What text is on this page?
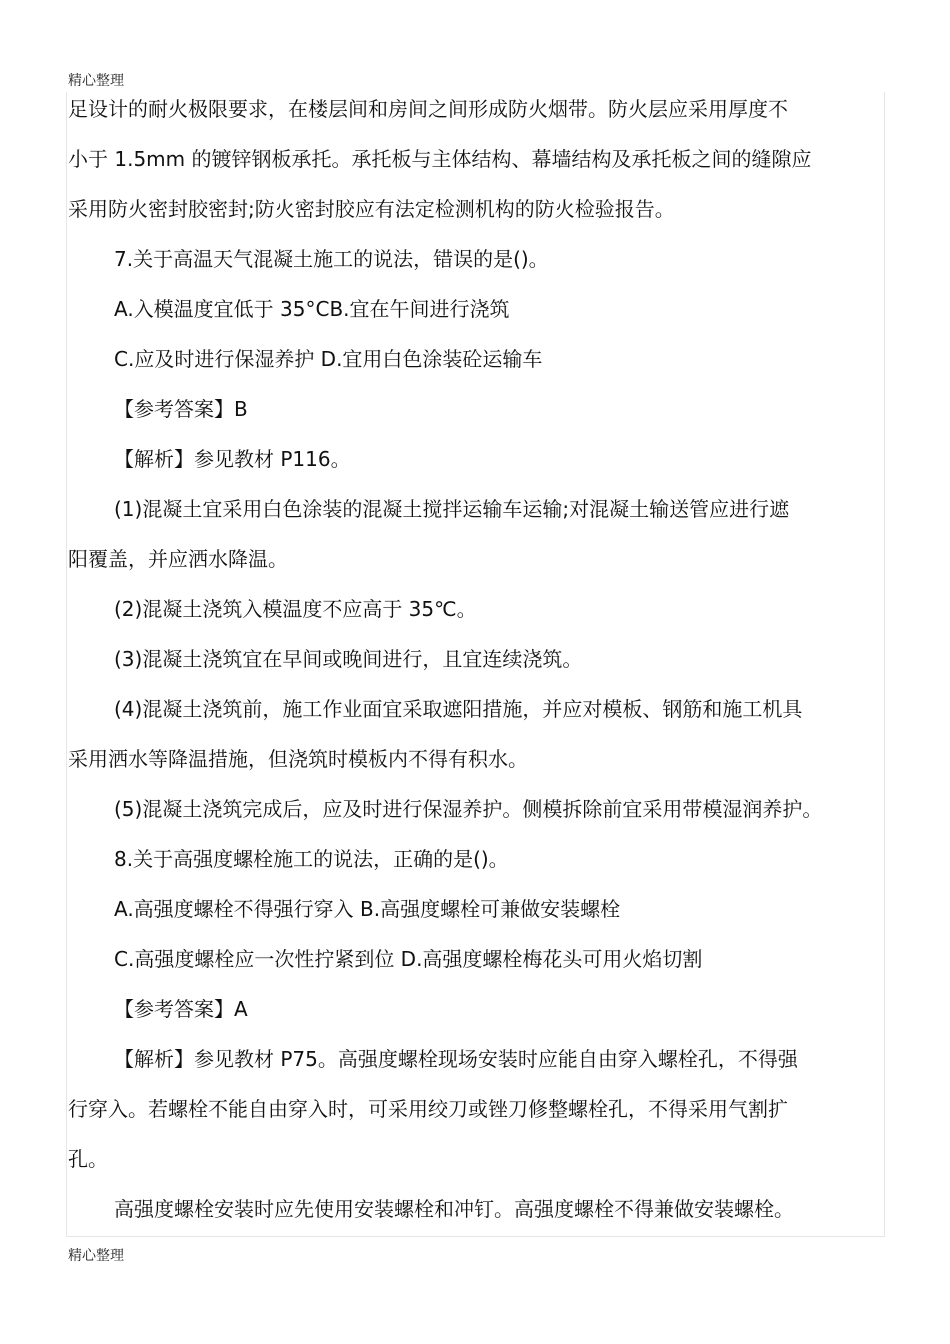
精心整理
足设计的耐火极限要求，在楼层间和房间之间形成防火烟带。防火层应采用厚度不
小于 1.5mm 的镀锌钢板承托。承托板与主体结构、幕墙结构及承托板之间的缝隙应
采用防火密封胶密封;防火密封胶应有法定检测机构的防火检验报告。
7.关于高温天气混凝土施工的说法，错误的是()。
A.入模温度宜低于 35°CB.宜在午间进行浇筑
C.应及时进行保湿养护 D.宜用白色涂装砼运输车
【参考答案】B
【解析】参见教材 P116。
(1)混凝土宜采用白色涂装的混凝土搅拌运输车运输;对混凝土输送管应进行遮
阳覆盖，并应洒水降温。
(2)混凝土浇筑入模温度不应高于 35℃。
(3)混凝土浇筑宜在早间或晚间进行，且宜连续浇筑。
(4)混凝土浇筑前，施工作业面宜采取遮阳措施，并应对模板、钢筋和施工机具
采用洒水等降温措施，但浇筑时模板内不得有积水。
(5)混凝土浇筑完成后，应及时进行保湿养护。侧模拆除前宜采用带模湿润养护。
8.关于高强度螺栓施工的说法，正确的是()。
A.高强度螺栓不得强行穿入 B.高强度螺栓可兼做安装螺栓
C.高强度螺栓应一次性拧紧到位 D.高强度螺栓梅花头可用火焰切割
【参考答案】A
【解析】参见教材 P75。高强度螺栓现场安装时应能自由穿入螺栓孔，不得强
行穿入。若螺栓不能自由穿入时，可采用绞刀或锉刀修整螺栓孔，不得采用气割扩
孔。
高强度螺栓安装时应先使用安装螺栓和冲钉。高强度螺栓不得兼做安装螺栓。
精心整理
